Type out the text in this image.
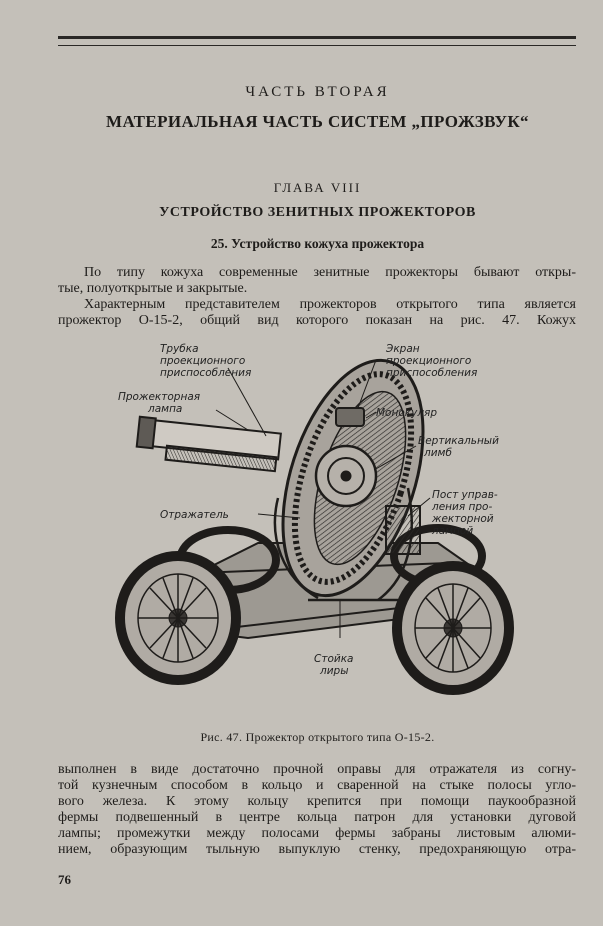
ЧАСТЬ ВТОРАЯ
МАТЕРИАЛЬНАЯ ЧАСТЬ СИСТЕМ „ПРОЖЗВУК“
ГЛАВА VIII
УСТРОЙСТВО ЗЕНИТНЫХ ПРОЖЕКТОРОВ
25. Устройство кожуха прожектора
По типу кожуха современные зенитные прожекторы бывают откры-
тые, полуоткрытые и закрытые.
Характерным представителем прожекторов открытого типа является
прожектор О-15-2, общий вид которого показан на рис. 47. Кожух
Трубка
проекционного
приспособления
Экран
проекционного
приспособления
Прожекторная
лампа	Монокуляр
Вертикальный
лимб
Пост управ-
ления про-
жекторной
лампой
Отражатель
Стойка
лиры
Рис. 47. Прожектор открытого типа О-15-2.
выполнен в виде достаточно прочной оправы для отражателя из согну-
той кузнечным способом в кольцо и сваренной на стыке полосы угло-
вого железа. К этому кольцу крепится при помощи паукообразной
фермы подвешенный в центре кольца патрон для установки дуговой
лампы; промежутки между полосами фермы забраны листовым алюми-
нием, образующим тыльную выпуклую стенку, предохраняющую отра-
76
